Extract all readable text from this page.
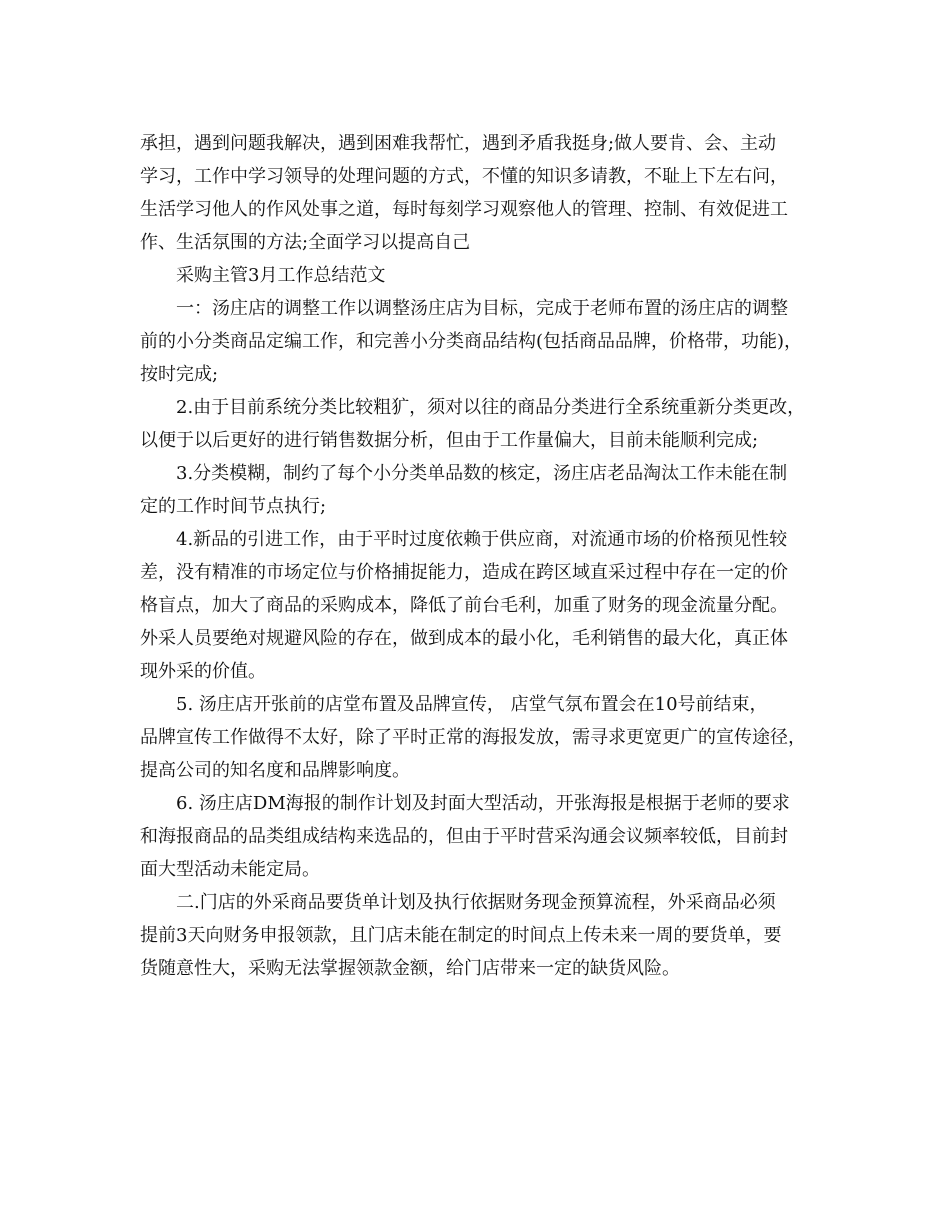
承担，遇到问题我解决，遇到困难我帮忙，遇到矛盾我挺身;做人要肯、会、主动
学习，工作中学习领导的处理问题的方式，不懂的知识多请教，不耻上下左右问，
生活学习他人的作风处事之道，每时每刻学习观察他人的管理、控制、有效促进工
作、生活氛围的方法;全面学习以提高自己
采购主管3月工作总结范文
一：汤庄店的调整工作以调整汤庄店为目标，完成于老师布置的汤庄店的调整
前的小分类商品定编工作，和完善小分类商品结构(包括商品品牌，价格带，功能)，
按时完成;
2.由于目前系统分类比较粗犷，须对以往的商品分类进行全系统重新分类更改，
以便于以后更好的进行销售数据分析，但由于工作量偏大，目前未能顺利完成;
3.分类模糊，制约了每个小分类单品数的核定，汤庄店老品淘汰工作未能在制
定的工作时间节点执行;
4.新品的引进工作，由于平时过度依赖于供应商，对流通市场的价格预见性较
差，没有精准的市场定位与价格捕捉能力，造成在跨区域直采过程中存在一定的价
格盲点，加大了商品的采购成本，降低了前台毛利，加重了财务的现金流量分配。
外采人员要绝对规避风险的存在，做到成本的最小化，毛利销售的最大化，真正体
现外采的价值。
5. 汤庄店开张前的店堂布置及品牌宣传， 店堂气氛布置会在10号前结束，
品牌宣传工作做得不太好，除了平时正常的海报发放，需寻求更宽更广的宣传途径，
提高公司的知名度和品牌影响度。
6. 汤庄店DM海报的制作计划及封面大型活动，开张海报是根据于老师的要求
和海报商品的品类组成结构来选品的，但由于平时营采沟通会议频率较低，目前封
面大型活动未能定局。
二.门店的外采商品要货单计划及执行依据财务现金预算流程，外采商品必须
提前3天向财务申报领款，且门店未能在制定的时间点上传未来一周的要货单，要
货随意性大，采购无法掌握领款金额，给门店带来一定的缺货风险。
